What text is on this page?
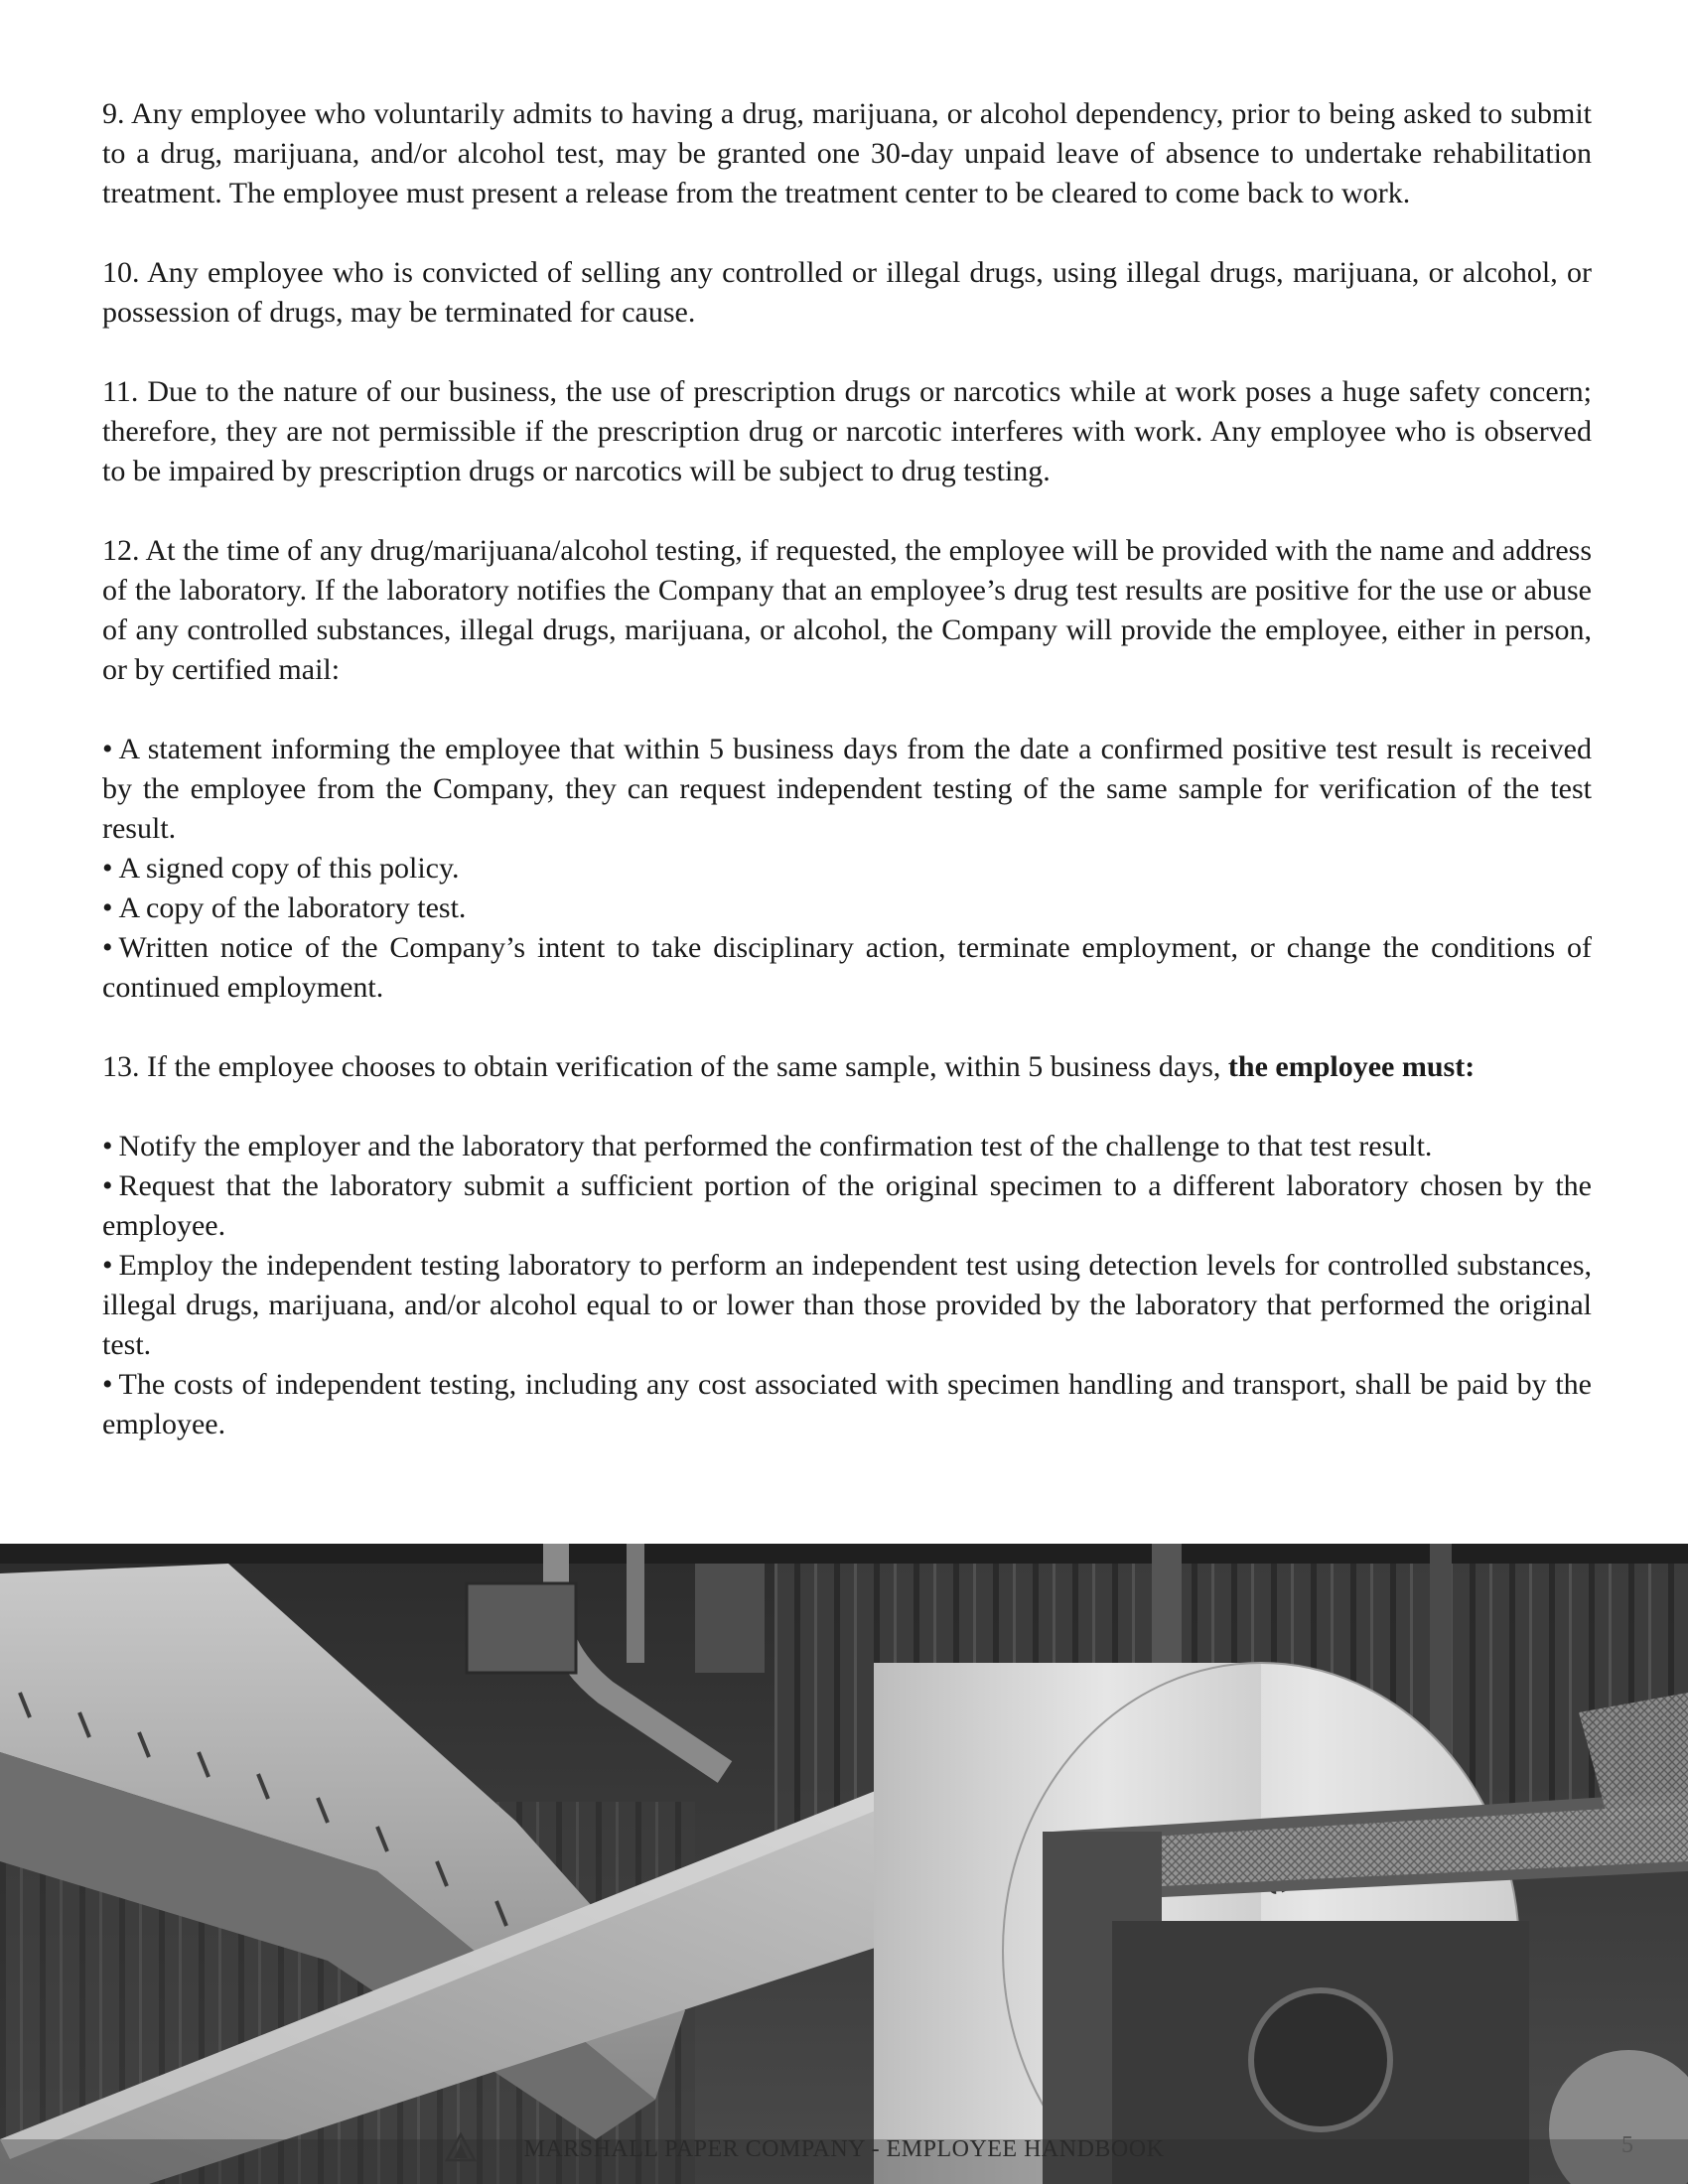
9. Any employee who voluntarily admits to having a drug, marijuana, or alcohol dependency, prior to being asked to submit to a drug, marijuana, and/or alcohol test, may be granted one 30-day unpaid leave of absence to undertake rehabilitation treatment. The employee must present a release from the treatment center to be cleared to come back to work.

10. Any employee who is convicted of selling any controlled or illegal drugs, using illegal drugs, marijuana, or alcohol, or possession of drugs, may be terminated for cause.

11. Due to the nature of our business, the use of prescription drugs or narcotics while at work poses a huge safety concern; therefore, they are not permissible if the prescription drug or narcotic interferes with work. Any employee who is observed to be impaired by prescription drugs or narcotics will be subject to drug testing.

12. At the time of any drug/marijuana/alcohol testing, if requested, the employee will be provided with the name and address of the laboratory. If the laboratory notifies the Company that an employee’s drug test results are positive for the use or abuse of any controlled substances, illegal drugs, marijuana, or alcohol, the Company will provide the employee, either in person, or by certified mail:

• A statement informing the employee that within 5 business days from the date a confirmed positive test result is received by the employee from the Company, they can request independent testing of the same sample for verification of the test result.

• A signed copy of this policy.

• A copy of the laboratory test.

• Written notice of the Company’s intent to take disciplinary action, terminate employment, or change the conditions of continued employment.

13. If the employee chooses to obtain verification of the same sample, within 5 business days, the employee must:

• Notify the employer and the laboratory that performed the confirmation test of the challenge to that test result.

• Request that the laboratory submit a sufficient portion of the original specimen to a different laboratory chosen by the employee.

• Employ the independent testing laboratory to perform an independent test using detection levels for controlled substances, illegal drugs, marijuana, and/or alcohol equal to or lower than those provided by the laboratory that performed the original test.

• The costs of independent testing, including any cost associated with specimen handling and transport, shall be paid by the employee.

MARSHALL PAPER COMPANY - EMPLOYEE HANDBOOK	5
